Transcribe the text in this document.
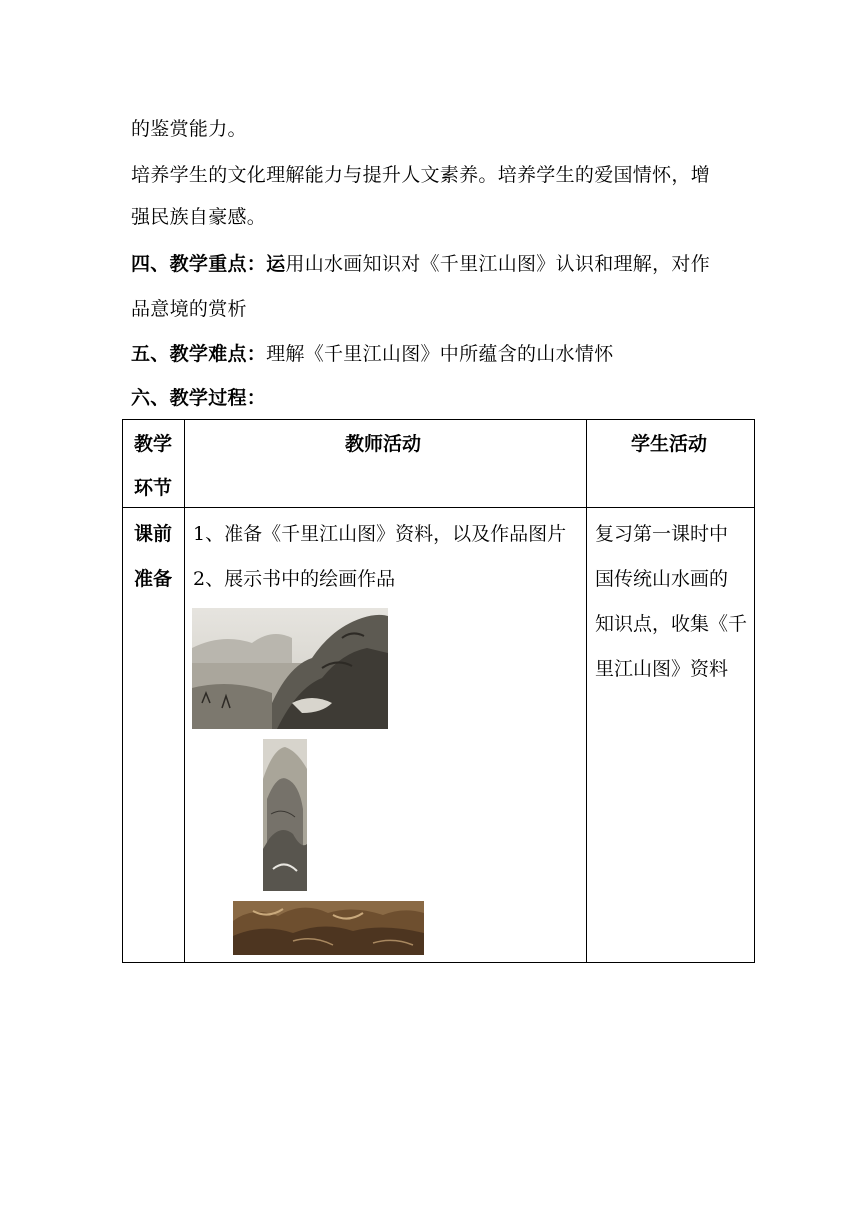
的鉴赏能力。
培养学生的文化理解能力与提升人文素养。培养学生的爱国情怀，增
强民族自豪感。
四、教学重点：运用山水画知识对《千里江山图》认识和理解，对作
品意境的赏析
五、教学难点：理解《千里江山图》中所蕴含的山水情怀
六、教学过程：
教学
环节
教师活动	学生活动
课前
准备
1、准备《千里江山图》资料，以及作品图片
2、展示书中的绘画作品
复习第一课时中
国传统山水画的
知识点，收集《千
里江山图》资料
